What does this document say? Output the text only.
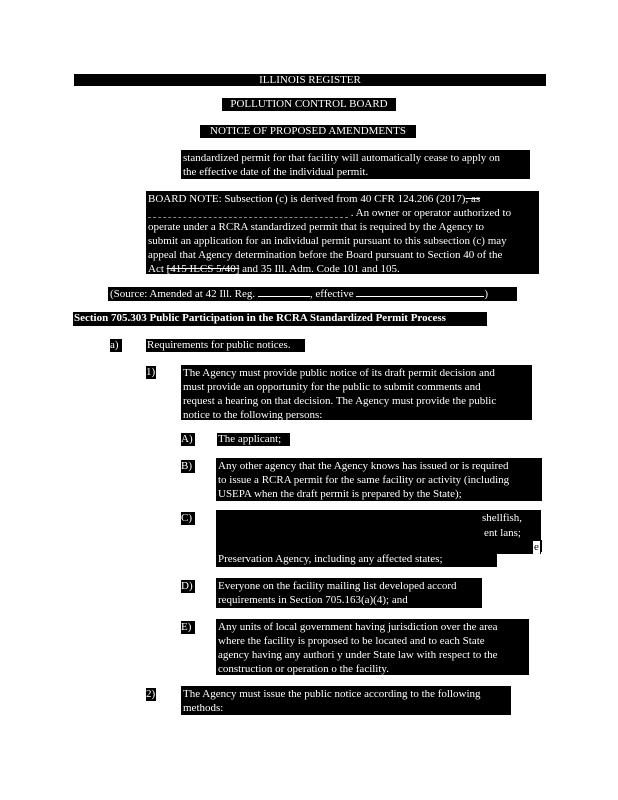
ILLINOIS REGISTER
POLLUTION CONTROL BOARD
NOTICE OF PROPOSED AMENDMENTS
standardized permit for that facility will automatically cease to apply on
the effective date of the individual permit.
BOARD NOTE: Subsection (c) is derived from 40 CFR 124.206 (2017), as
. An owner or operator authorized to
operate under a RCRA standardized permit that is required by the Agency to
submit an application for an individual permit pursuant to this subsection (c) may
appeal that Agency determination before the Board pursuant to Section 40 of the
Act [415 ILCS 5/40] and 35 Ill. Adm. Code 101 and 105.
(Source: Amended at 42 Ill. Reg.	, effective	)
Section 705.303 Public Participation in the RCRA Standardized Permit Process
a)	Requirements for public notices.
1)	The Agency must provide public notice of its draft permit decision and
must provide an opportunity for the public to submit comments and
request a hearing on that decision. The Agency must provide the public
notice to the following persons:
A) The applicant;
B) Any other agency that the Agency knows has issued or is required
to issue a RCRA permit for the same facility or activity (including
USEPA when the draft permit is prepared by the State);
C)	shellfish,
ent lans;
e
Preservation Agency, including any affected states;
D) Everyone on the facility mailing list developed accord
requirements in Section 705.163(a)(4); and
E)	Any units of local government having jurisdiction over the area
where the facility is proposed to be located and to each State
agency having any authori y under State law with respect to the
construction or operation o the facility.
2)	The Agency must issue the public notice according to the following
methods:
